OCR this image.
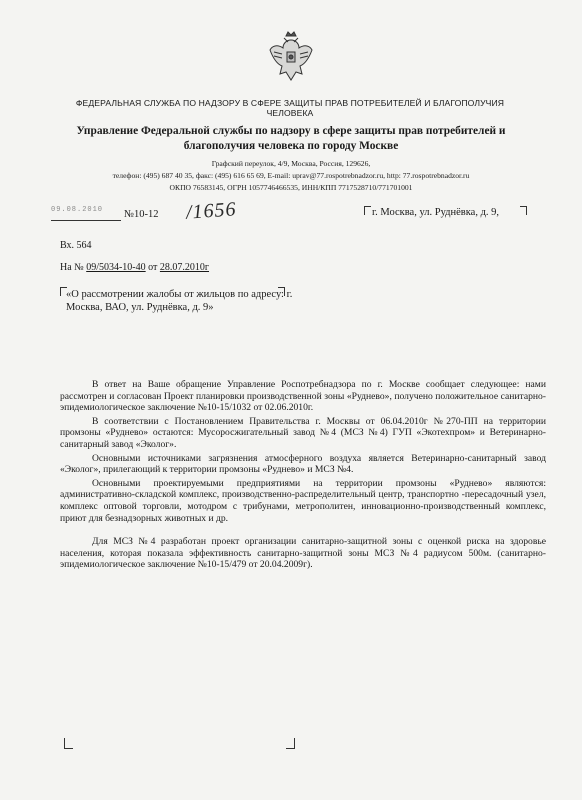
ФЕДЕРАЛЬНАЯ СЛУЖБА ПО НАДЗОРУ В СФЕРЕ ЗАЩИТЫ ПРАВ ПОТРЕБИТЕЛЕЙ И БЛАГОПОЛУЧИЯ ЧЕЛОВЕКА
Управление Федеральной службы по надзору в сфере защиты прав потребителей и благополучия человека по городу Москве
Графский переулок, 4/9, Москва, Россия, 129626,
телефон: (495) 687 40 35, факс: (495) 616 65 69, E-mail: uprav@77.rospotrebnadzor.ru, http: 77.rospotrebnadzor.ru
ОКПО 76583145, ОГРН 1057746466535, ИНН/КПП 7717528710/771701001
09.08.2010 №10-12 /1656	г. Москва, ул. Руднёвка, д. 9,
Вх. 564
На № 09/5034-10-40 от 28.07.2010г
«О рассмотрении жалобы от жильцов по адресу: г. Москва, ВАО, ул. Руднёвка, д. 9»

В ответ на Ваше обращение Управление Роспотребнадзора по г. Москве сообщает следующее: нами рассмотрен и согласован Проект планировки производственной зоны «Руднево», получено положительное санитарно-эпидемиологическое заключение №10-15/1032 от 02.06.2010г.

В соответствии с Постановлением Правительства г. Москвы от 06.04.2010г №270-ПП на территории промзоны «Руднево» остаются: Мусоросжигательный завод №4 (МСЗ №4) ГУП «Экотехпром» и Ветеринарно-санитарный завод «Эколог».

Основными источниками загрязнения атмосферного воздуха является Ветеринарно-санитарный завод «Эколог», прилегающий к территории промзоны «Руднево» и МСЗ №4.

Основными проектируемыми предприятиями на территории промзоны «Руднево» являются: административно-складской комплекс, производственно-распределительный центр, транспортно -пересадочный узел, комплекс оптовой торговли, мотодром с трибунами, метрополитен, инновационно-производственный комплекс, приют для безнадзорных животных и др.

Для МСЗ №4 разработан проект организации санитарно-защитной зоны с оценкой риска на здоровье населения, которая показала эффективность санитарно-защитной зоны МСЗ №4 радиусом 500м. (санитарно-эпидемиологическое заключение №10-15/479 от 20.04.2009г).
